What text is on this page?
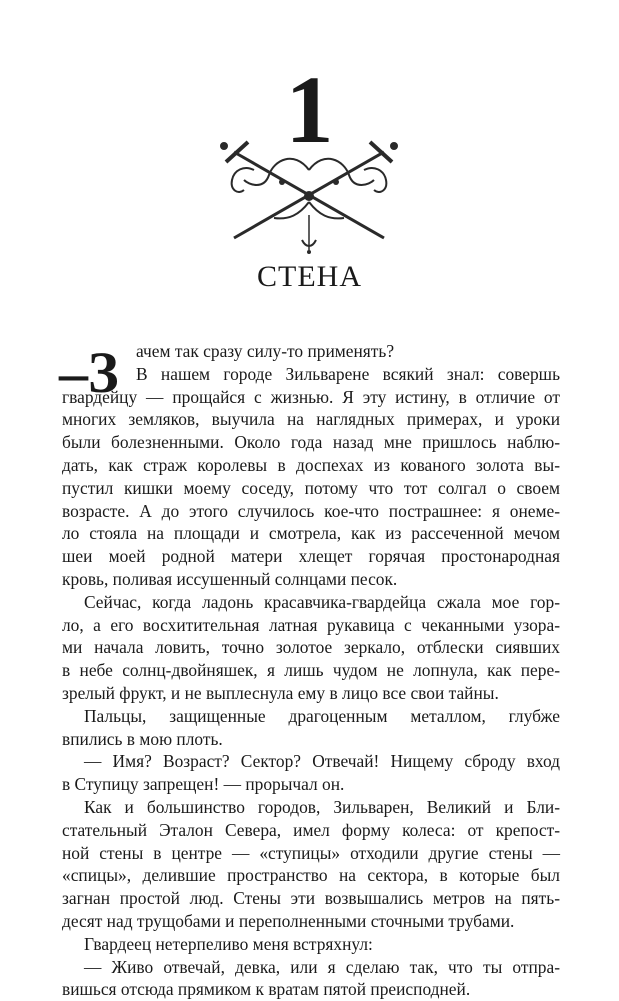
1
СТЕНА
–З ачем так сразу силу-то применять?
В нашем городе Зильварене всякий знал: совершь
гвардейцу — прощайся с жизнью. Я эту истину, в отличие от
многих земляков, выучила на наглядных примерах, и уроки
были болезненными. Около года назад мне пришлось наблю-
дать, как страж королевы в доспехах из кованого золота вы-
пустил кишки моему соседу, потому что тот солгал о своем
возрасте. А до этого случилось кое-что пострашнее: я онеме-
ло стояла на площади и смотрела, как из рассеченной мечом
шеи моей родной матери хлещет горячая простонародная
кровь, поливая иссушенный солнцами песок.
Сейчас, когда ладонь красавчика-гвардейца сжала мое гор-
ло, а его восхитительная латная рукавица с чеканными узора-
ми начала ловить, точно золотое зеркало, отблески сиявших
в небе солнц-двойняшек, я лишь чудом не лопнула, как пере-
зрелый фрукт, и не выплеснула ему в лицо все свои тайны.
Пальцы, защищенные драгоценным металлом, глубже
впились в мою плоть.
— Имя? Возраст? Сектор? Отвечай! Нищему сброду вход
в Ступицу запрещен! — прорычал он.
Как и большинство городов, Зильварен, Великий и Бли-
стательный Эталон Севера, имел форму колеса: от крепост-
ной стены в центре — «ступицы» отходили другие стены —
«спицы», делившие пространство на сектора, в которые был
загнан простой люд. Стены эти возвышались метров на пять-
десят над трущобами и переполненными сточными трубами.
Гвардеец нетерпеливо меня встряхнул:
— Живо отвечай, девка, или я сделаю так, что ты отпра-
вишься отсюда прямиком к вратам пятой преисподней.
